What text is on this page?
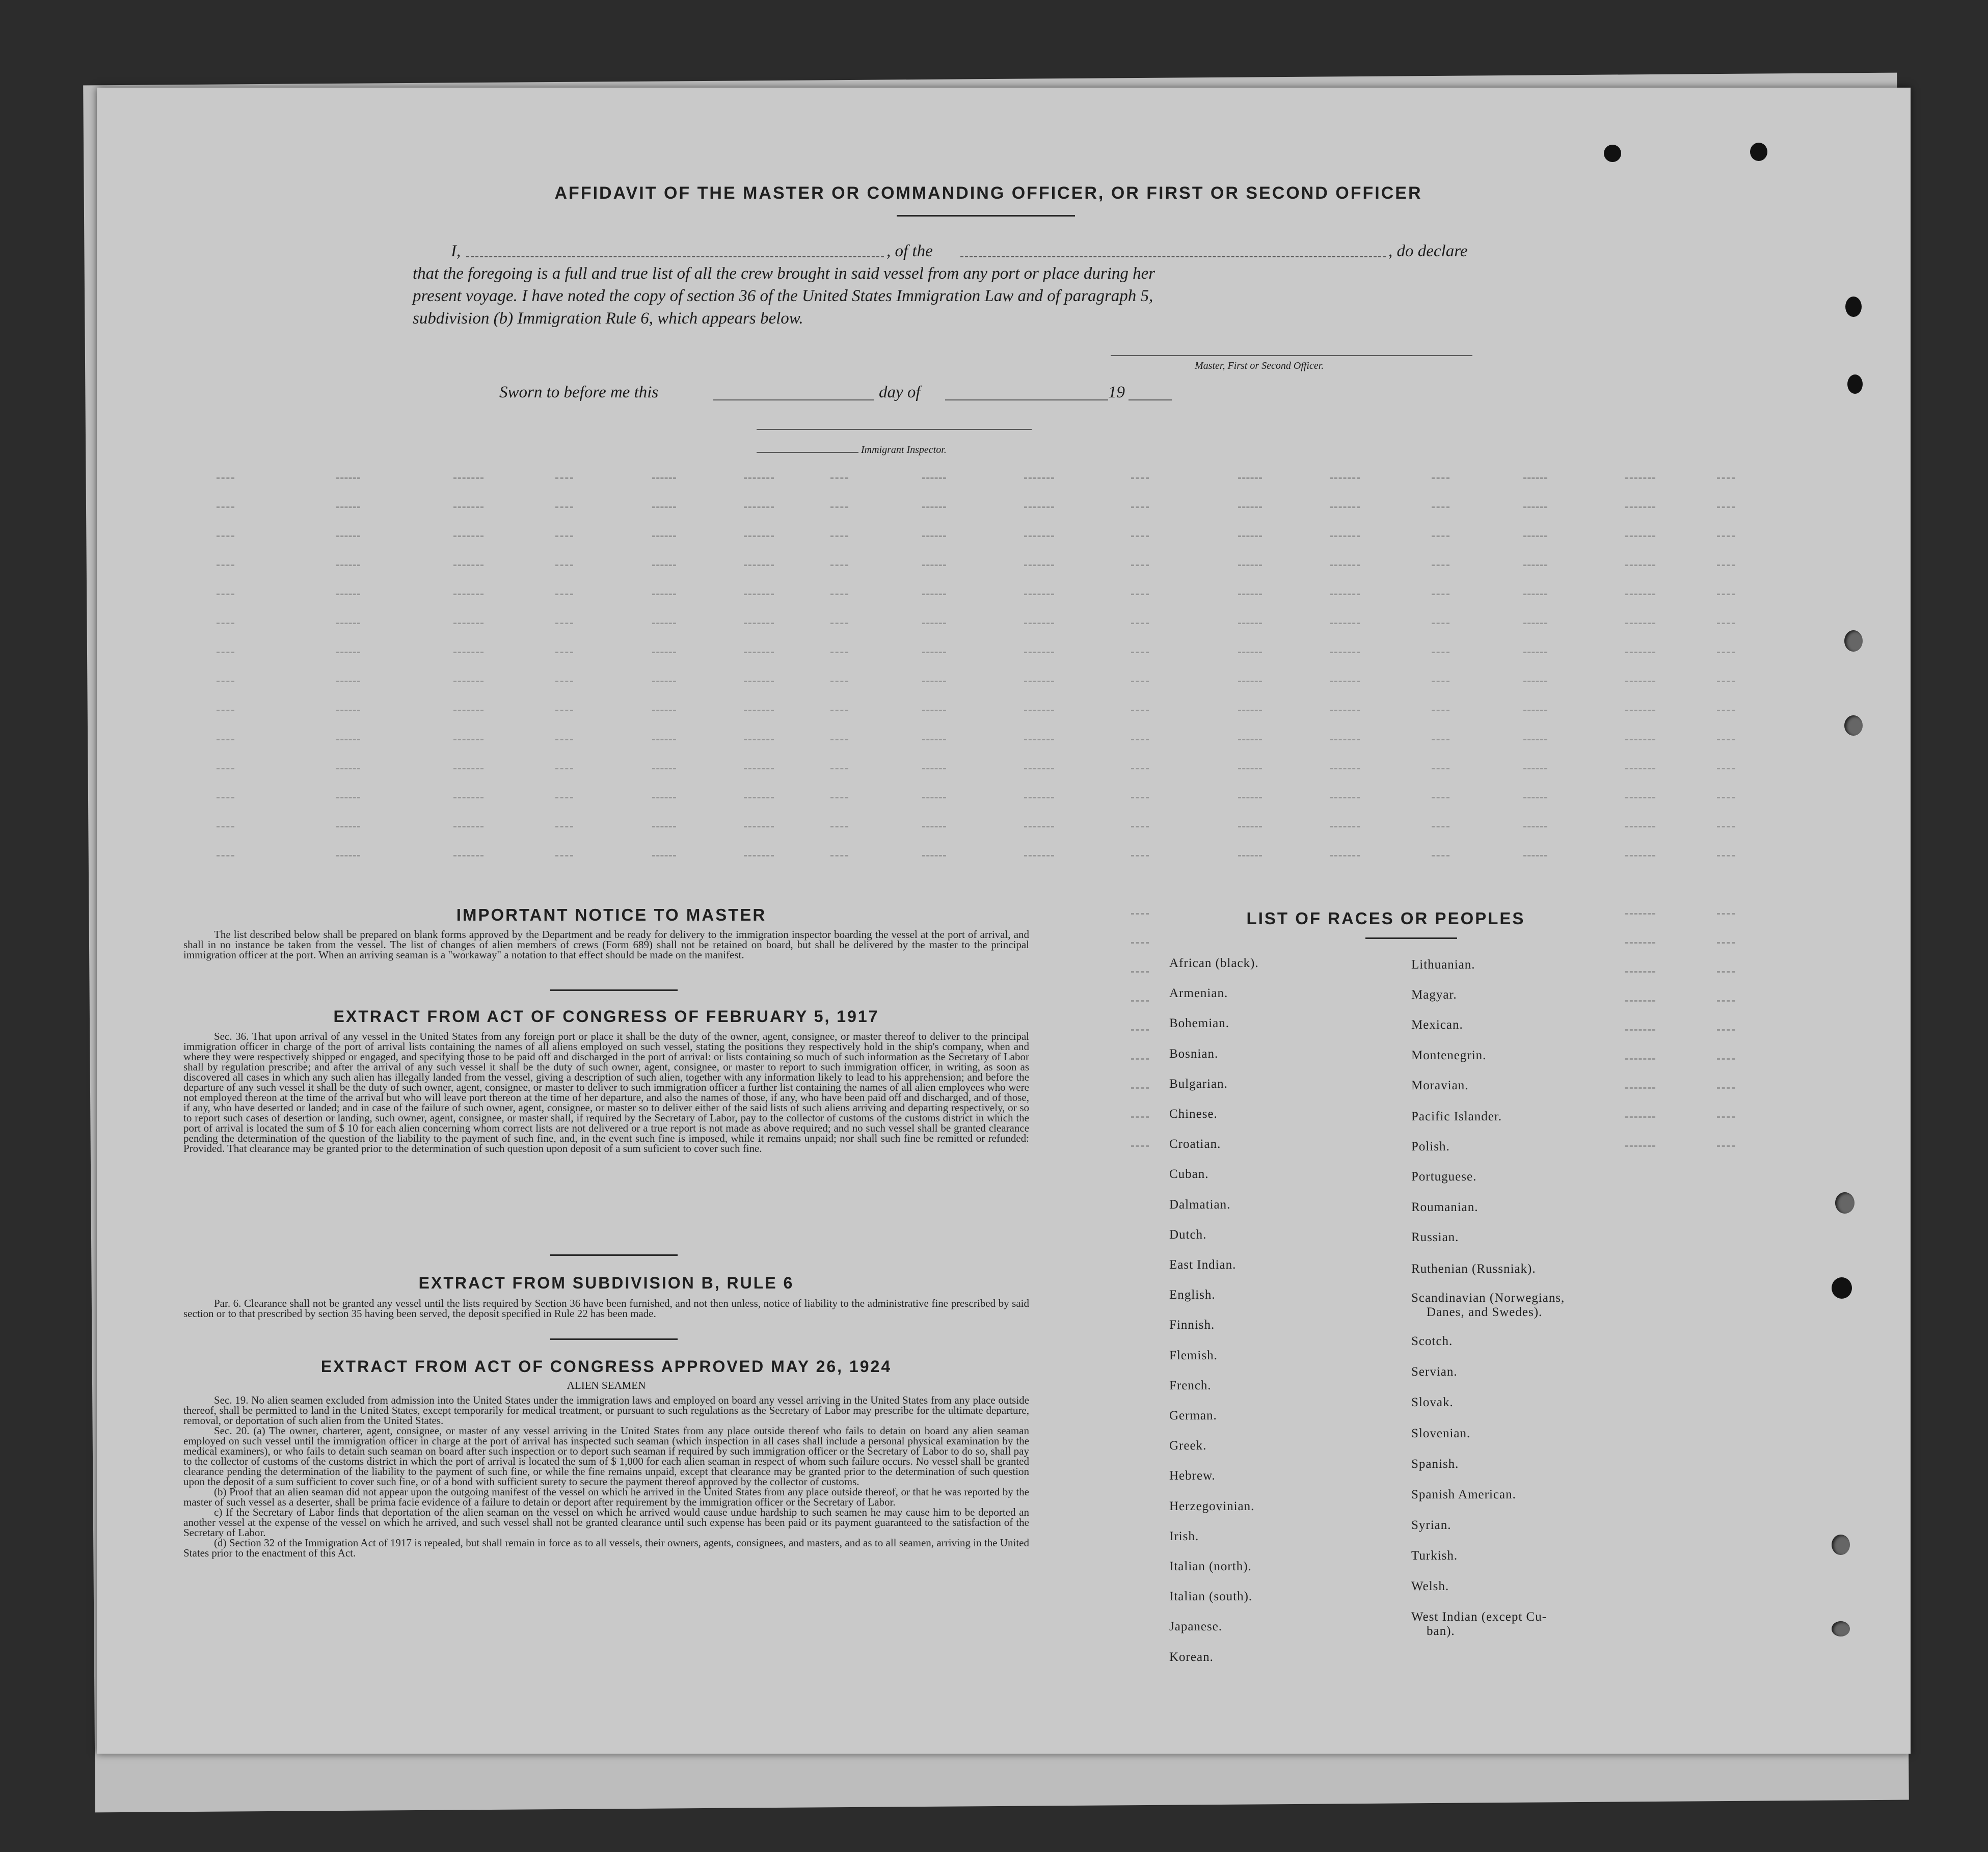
AFFIDAVIT OF THE MASTER OR COMMANDING OFFICER, OR FIRST OR SECOND OFFICER
I,	, of the	, do declare
that the foregoing is a full and true list of all the crew brought in said vessel from any port or place during her
present voyage. I have noted the copy of section 36 of the United States Immigration Law and of paragraph 5,
subdivision (b) Immigration Rule 6, which appears below.
Master, First or Second Officer.
Sworn to before me this	day of	19
Immigrant Inspector.
IMPORTANT NOTICE TO MASTER
The list described below shall be prepared on blank forms approved by the Department and be ready for delivery to the immigration inspector boarding the vessel at the port of arrival, and shall in no instance be taken from the vessel. The list of changes of alien members of crews (Form 689) shall not be retained on board, but shall be delivered by the master to the principal immigration officer at the port. When an arriving seaman is a "workaway" a notation to that effect should be made on the manifest.
EXTRACT FROM ACT OF CONGRESS OF FEBRUARY 5, 1917
Sec. 36. That upon arrival of any vessel in the United States from any foreign port or place it shall be the duty of the owner, agent, consignee, or master thereof to deliver to the principal immigration officer in charge of the port of arrival lists containing the names of all aliens employed on such vessel, stating the positions they respectively hold in the ship's company, when and where they were respectively shipped or engaged, and specifying those to be paid off and discharged in the port of arrival: or lists containing so much of such information as the Secretary of Labor shall by regulation prescribe; and after the arrival of any such vessel it shall be the duty of such owner, agent, consignee, or master to report to such immigration officer, in writing, as soon as discovered all cases in which any such alien has illegally landed from the vessel, giving a description of such alien, together with any information likely to lead to his apprehension; and before the departure of any such vessel it shall be the duty of such owner, agent, consignee, or master to deliver to such immigration officer a further list containing the names of all alien employees who were not employed thereon at the time of the arrival but who will leave port thereon at the time of her departure, and also the names of those, if any, who have been paid off and discharged, and of those, if any, who have deserted or landed; and in case of the failure of such owner, agent, consignee, or master so to deliver either of the said lists of such aliens arriving and departing respectively, or so to report such cases of desertion or landing, such owner, agent, consignee, or master shall, if required by the Secretary of Labor, pay to the collector of customs of the customs district in which the port of arrival is located the sum of $ 10 for each alien concerning whom correct lists are not delivered or a true report is not made as above required; and no such vessel shall be granted clearance pending the determination of the question of the liability to the payment of such fine, and, in the event such fine is imposed, while it remains unpaid; nor shall such fine be remitted or refunded: Provided. That clearance may be granted prior to the determination of such question upon deposit of a sum suficient to cover such fine.
EXTRACT FROM SUBDIVISION B, RULE 6
Par. 6. Clearance shall not be granted any vessel until the lists required by Section 36 have been furnished, and not then unless, notice of liability to the administrative fine prescribed by said section or to that prescribed by section 35 having been served, the deposit specified in Rule 22 has been made.
EXTRACT FROM ACT OF CONGRESS APPROVED MAY 26, 1924
ALIEN SEAMEN
Sec. 19. No alien seamen excluded from admission into the United States under the immigration laws and employed on board any vessel arriving in the United States from any place outside thereof, shall be permitted to land in the United States, except temporarily for medical treatment, or pursuant to such regulations as the Secretary of Labor may prescribe for the ultimate departure, removal, or deportation of such alien from the United States.
Sec. 20. (a) The owner, charterer, agent, consignee, or master of any vessel arriving in the United States from any place outside thereof who fails to detain on board any alien seaman employed on such vessel until the immigration officer in charge at the port of arrival has inspected such seaman (which inspection in all cases shall include a personal physical examination by the medical examiners), or who fails to detain such seaman on board after such inspection or to deport such seaman if required by such immigration officer or the Secretary of Labor to do so, shall pay to the collector of customs of the customs district in which the port of arrival is located the sum of $ 1,000 for each alien seaman in respect of whom such failure occurs. No vessel shall be granted clearance pending the determination of the liability to the payment of such fine, or while the fine remains unpaid, except that clearance may be granted prior to the determination of such question upon the deposit of a sum sufficient to cover such fine, or of a bond with sufficient surety to secure the payment thereof approved by the collector of customs.
(b) Proof that an alien seaman did not appear upon the outgoing manifest of the vessel on which he arrived in the United States from any place outside thereof, or that he was reported by the master of such vessel as a deserter, shall be prima facie evidence of a failure to detain or deport after requirement by the immigration officer or the Secretary of Labor.
c) If the Secretary of Labor finds that deportation of the alien seaman on the vessel on which he arrived would cause undue hardship to such seamen he may cause him to be deported an another vessel at the expense of the vessel on which he arrived, and such vessel shall not be granted clearance until such expense has been paid or its payment guaranteed to the satisfaction of the Secretary of Labor.
(d) Section 32 of the Immigration Act of 1917 is repealed, but shall remain in force as to all vessels, their owners, agents, consignees, and masters, and as to all seamen, arriving in the United States prior to the enactment of this Act.
LIST OF RACES OR PEOPLES
African (black).
Armenian.
Bohemian.
Bosnian.
Bulgarian.
Chinese.
Croatian.
Cuban.
Dalmatian.
Dutch.
East Indian.
English.
Finnish.
Flemish.
French.
German.
Greek.
Hebrew.
Herzegovinian.
Irish.
Italian (north).
Italian (south).
Japanese.
Korean.
Lithuanian.
Magyar.
Mexican.
Montenegrin.
Moravian.
Pacific Islander.
Polish.
Portuguese.
Roumanian.
Russian.
Ruthenian (Russniak).
Scandinavian (Norwegians,
Danes, and Swedes).
Scotch.
Servian.
Slovak.
Slovenian.
Spanish.
Spanish American.
Syrian.
Turkish.
Welsh.
West Indian (except Cu-
ban).
